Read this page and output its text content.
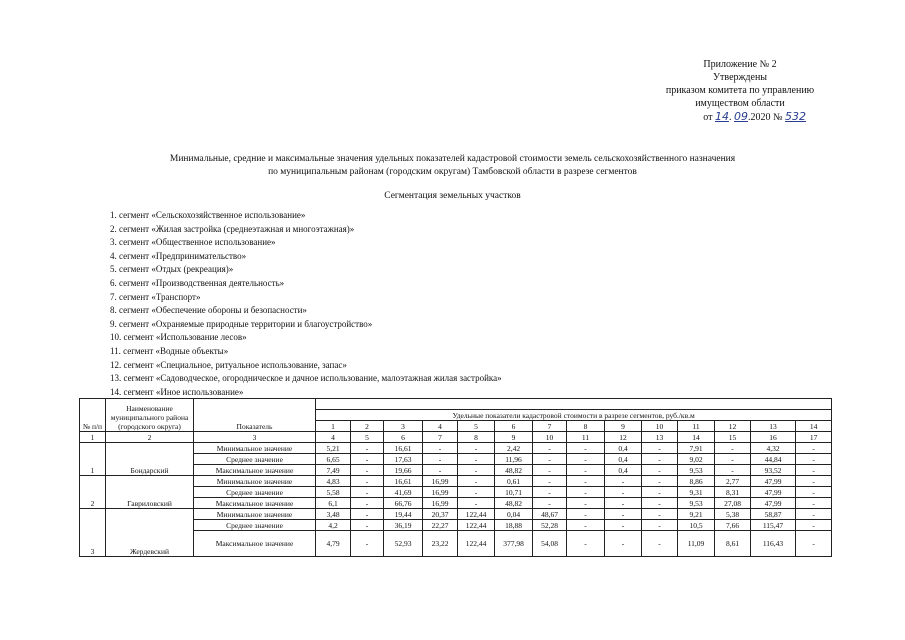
Приложение № 2
Утверждены
приказом комитета по управлению
имуществом области
от 14. 09.2020 № 532
Минимальные, средние и максимальные значения удельных показателей кадастровой стоимости земель сельскохозяйственного назначения
по муниципальным районам (городским округам) Тамбовской области в разрезе сегментов
Сегментация земельных участков
1. сегмент «Сельскохозяйственное использование»
2. сегмент «Жилая застройка (среднеэтажная и многоэтажная)»
3. сегмент «Общественное использование»
4. сегмент «Предпринимательство»
5. сегмент «Отдых (рекреация)»
6. сегмент «Производственная деятельность»
7. сегмент «Транспорт»
8. сегмент «Обеспечение обороны и безопасности»
9. сегмент «Охраняемые природные территории и благоустройство»
10. сегмент «Использование лесов»
11. сегмент «Водные объекты»
12. сегмент «Специальное, ритуальное использование, запас»
13. сегмент «Садоводческое, огородническое и дачное использование, малоэтажная жилая застройка»
14. сегмент «Иное использование»
№ п/п	Наименование муниципального района (городского округа)	Показатель														
			Удельные показатели кадастровой стоимости в разрезе сегментов, руб./кв.м													
			1	2	3	4	5	6	7	8	9	10	11	12	13	14
1	2	3	4	5	6	7	8	9	10	11	12	13	14	15	16	17
1	Бондарский	Минимальное значение	5,21	-	16,61	-	-	2,42	-	-	0,4	-	7,91	-	4,32	-
		Среднее значение	6,65	-	17,63	-	-	11,96	-	-	0,4	-	9,02	-	44,84	-
		Максимальное значение	7,49	-	19,66	-	-	48,82	-	-	0,4	-	9,53	-	93,52	-
2	Гавриловский	Минимальное значение	4,83	-	16,61	16,99	-	0,61	-	-	-	-	8,86	2,77	47,99	-
		Среднее значение	5,58	-	41,69	16,99	-	10,71	-	-	-	-	9,31	8,31	47,99	-
		Максимальное значение	6,1	-	66,76	16,99	-	48,82	-	-	-	-	9,53	27,08	47,99	-
3	Жердевский	Минимальное значение	3,48	-	19,44	20,37	122,44	0,04	48,67	-	-	-	9,21	5,38	58,87	-
		Среднее значение	4,2	-	36,19	22,27	122,44	18,88	52,28	-	-	-	10,5	7,66	115,47	-
		Максимальное значение	4,79	-	52,93	23,22	122,44	377,98	54,08	-	-	-	11,09	8,61	116,43	-
